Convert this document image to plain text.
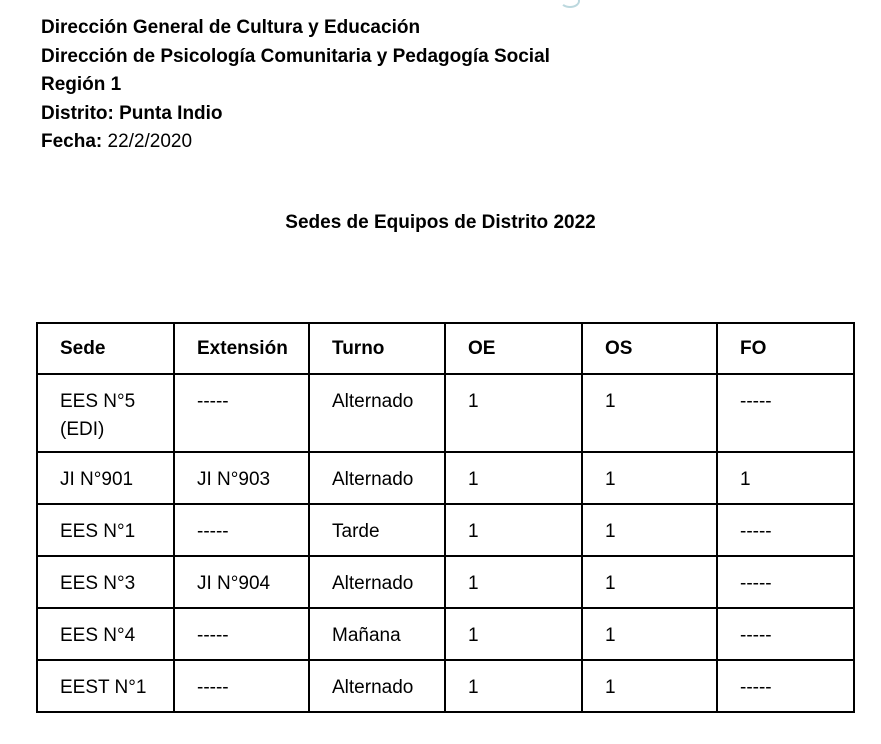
Dirección General de Cultura y Educación
Dirección de Psicología Comunitaria y Pedagogía Social
Región 1
Distrito: Punta Indio
Fecha: 22/2/2020
Sedes de Equipos de Distrito 2022
Sede	Extensión	Turno	OE	OS	FO

EES N°5 (EDI)	-----	Alternado	1	1	-----

JI N°901	JI N°903	Alternado	1	1	1

EES N°1	-----	Tarde	1	1	-----

EES N°3	JI N°904	Alternado	1	1	-----

EES N°4	-----	Mañana	1	1	-----

EEST N°1	-----	Alternado	1	1	-----
